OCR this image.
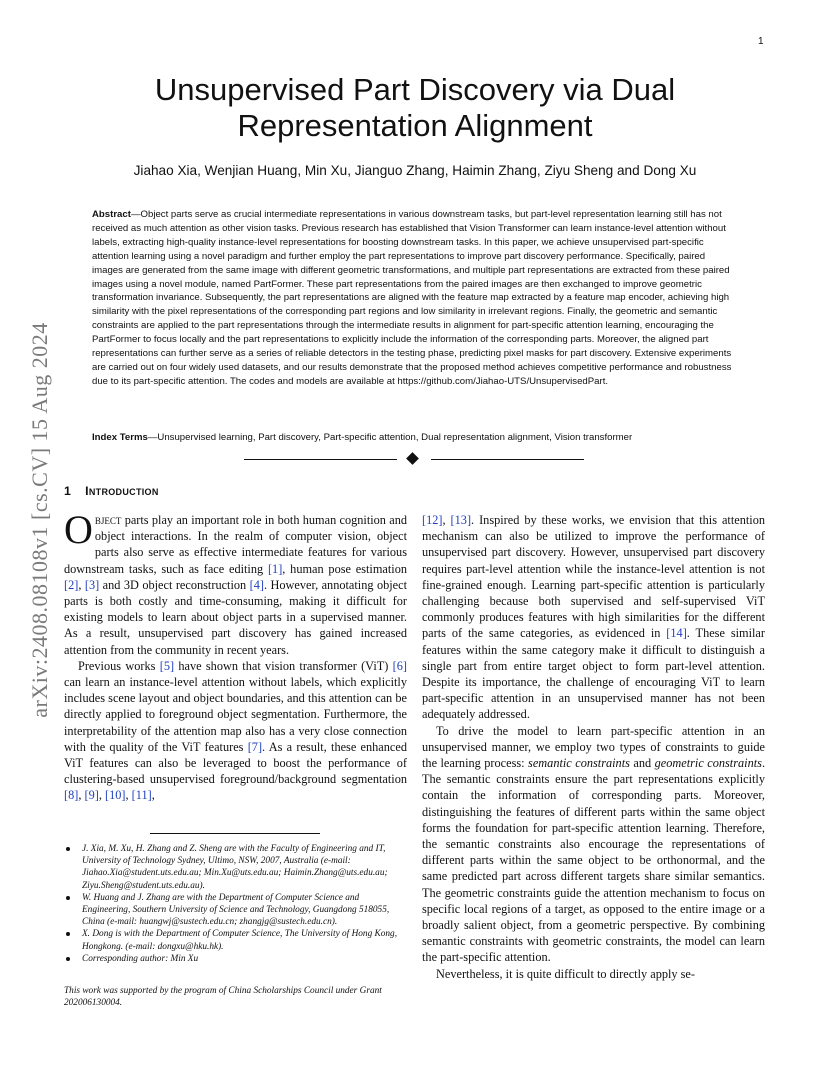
1
arXiv:2408.08108v1 [cs.CV] 15 Aug 2024
Unsupervised Part Discovery via Dual
Representation Alignment
Jiahao Xia, Wenjian Huang, Min Xu, Jianguo Zhang, Haimin Zhang, Ziyu Sheng and Dong Xu

Abstract—Object parts serve as crucial intermediate representations in various downstream tasks, but part-level representation learning still has not received as much attention as other vision tasks. Previous research has established that Vision Transformer can learn instance-level attention without labels, extracting high-quality instance-level representations for boosting downstream tasks. In this paper, we achieve unsupervised part-specific attention learning using a novel paradigm and further employ the part representations to improve part discovery performance. Specifically, paired images are generated from the same image with different geometric transformations, and multiple part representations are extracted from these paired images using a novel module, named PartFormer. These part representations from the paired images are then exchanged to improve geometric transformation invariance. Subsequently, the part representations are aligned with the feature map extracted by a feature map encoder, achieving high similarity with the pixel representations of the corresponding part regions and low similarity in irrelevant regions. Finally, the geometric and semantic constraints are applied to the part representations through the intermediate results in alignment for part-specific attention learning, encouraging the PartFormer to focus locally and the part representations to explicitly include the information of the corresponding parts. Moreover, the aligned part representations can further serve as a series of reliable detectors in the testing phase, predicting pixel masks for part discovery. Extensive experiments are carried out on four widely used datasets, and our results demonstrate that the proposed method achieves competitive performance and robustness due to its part-specific attention. The codes and models are available at https://github.com/Jiahao-UTS/UnsupervisedPart.

Index Terms—Unsupervised learning, Part discovery, Part-specific attention, Dual representation alignment, Vision transformer

1 Introduction

Object parts play an important role in both human cognition and object interactions. In the realm of computer vision, object parts also serve as effective intermediate features for various downstream tasks, such as face editing [1], human pose estimation [2], [3] and 3D object reconstruction [4]. However, annotating object parts is both costly and time-consuming, making it difficult for existing models to learn about object parts in a supervised manner. As a result, unsupervised part discovery has gained increased attention from the community in recent years.

Previous works [5] have shown that vision transformer (ViT) [6] can learn an instance-level attention without labels, which explicitly includes scene layout and object boundaries, and this attention can be directly applied to foreground object segmentation. Furthermore, the interpretability of the attention map also has a very close connection with the quality of the ViT features [7]. As a result, these enhanced ViT features can also be leveraged to boost the performance of clustering-based unsupervised foreground/background segmentation [8], [9], [10], [11],

J. Xia, M. Xu, H. Zhang and Z. Sheng are with the Faculty of Engineering and IT, University of Technology Sydney, Ultimo, NSW, 2007, Australia (e-mail: Jiahao.Xia@student.uts.edu.au; Min.Xu@uts.edu.au; Haimin.Zhang@uts.edu.au; Ziyu.Sheng@student.uts.edu.au).
W. Huang and J. Zhang are with the Department of Computer Science and Engineering, Southern University of Science and Technology, Guangdong 518055, China (e-mail: huangwj@sustech.edu.cn; zhangjg@sustech.edu.cn).
X. Dong is with the Department of Computer Science, The University of Hong Kong, Hongkong. (e-mail: dongxu@hku.hk).
Corresponding author: Min Xu

This work was supported by the program of China Scholarships Council under Grant 202006130004.

[12], [13]. Inspired by these works, we envision that this attention mechanism can also be utilized to improve the performance of unsupervised part discovery. However, unsupervised part discovery requires part-level attention while the instance-level attention is not fine-grained enough. Learning part-specific attention is particularly challenging because both supervised and self-supervised ViT commonly produces features with high similarities for the different parts of the same categories, as evidenced in [14]. These similar features within the same category make it difficult to distinguish a single part from entire target object to form part-level attention. Despite its importance, the challenge of encouraging ViT to learn part-specific attention in an unsupervised manner has not been adequately addressed.

To drive the model to learn part-specific attention in an unsupervised manner, we employ two types of constraints to guide the learning process: semantic constraints and geometric constraints. The semantic constraints ensure the part representations explicitly contain the information of corresponding parts. Moreover, distinguishing the features of different parts within the same object forms the foundation for part-specific attention learning. Therefore, the semantic constraints also encourage the representations of different parts within the same object to be orthonormal, and the same predicted part across different targets share similar semantics. The geometric constraints guide the attention mechanism to focus on specific local regions of a target, as opposed to the entire image or a broadly salient object, from a geometric perspective. By combining semantic constraints with geometric constraints, the model can learn the part-specific attention.

Nevertheless, it is quite difficult to directly apply se-
